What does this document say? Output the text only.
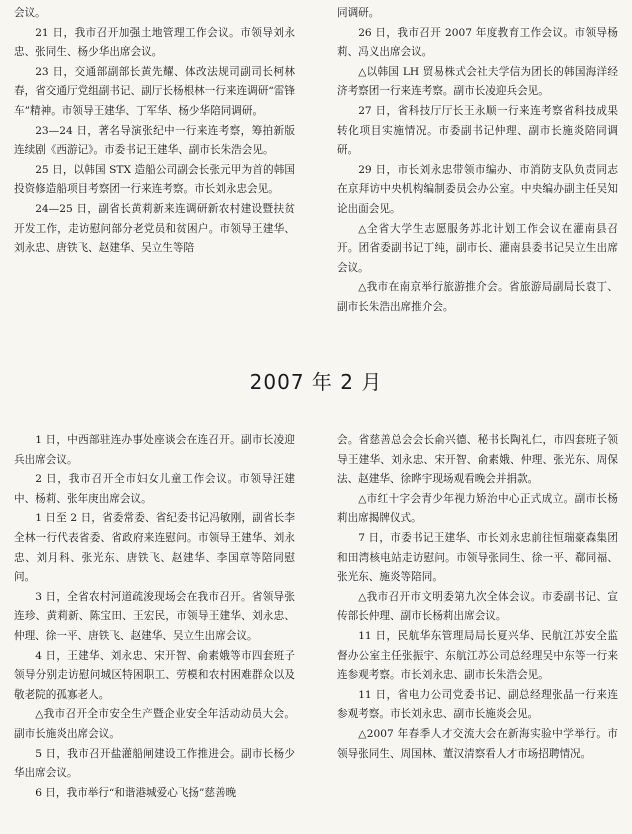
会议。

21 日，我市召开加强土地管理工作会议。市领导刘永忠、张同生、杨少华出席会议。

23 日，交通部副部长黄先耀、体改法规司副司长柯林春，省交通厅党组副书记、副厅长杨根林一行来连调研“雷锋车”精神。市领导王建华、丁军华、杨少华陪同调研。

23—24 日，著名导演张纪中一行来连考察，筹拍新版连续剧《西游记》。市委书记王建华、副市长朱浩会见。

25 日，以韩国 STX 造船公司副会长张元甲为首的韩国投资修造船项目考察团一行来连考察。市长刘永忠会见。

24—25 日，副省长黄莉新来连调研新农村建设暨扶贫开发工作，走访慰问部分老党员和贫困户。市领导王建华、刘永忠、唐铁飞、赵建华、吴立生等陪

同调研。

26 日，我市召开 2007 年度教育工作会议。市领导杨莉、冯义出席会议。

△以韩国 LH 贸易株式会社夫学信为团长的韩国海洋经济考察团一行来连考察。副市长凌迎兵会见。

27 日，省科技厅厅长王永顺一行来连考察省科技成果转化项目实施情况。市委副书记仲理、副市长施炎陪同调研。

29 日，市长刘永忠带领市编办、市消防支队负责同志在京拜访中央机构编制委员会办公室。中央编办副主任吴知论出面会见。

△全省大学生志愿服务苏北计划工作会议在灌南县召开。团省委副书记丁纯，副市长、灌南县委书记吴立生出席会议。

△我市在南京举行旅游推介会。省旅游局副局长袁丁、副市长朱浩出席推介会。

2007 年 2 月

1 日，中西部驻连办事处座谈会在连召开。副市长凌迎兵出席会议。

2 日，我市召开全市妇女儿童工作会议。市领导汪建中、杨莉、张年庚出席会议。

1 日至 2 日，省委常委、省纪委书记冯敏刚，副省长李全林一行代表省委、省政府来连慰问。市领导王建华、刘永忠、刘月科、张光东、唐铁飞、赵建华、李国章等陪同慰问。

3 日，全省农村河道疏浚现场会在我市召开。省领导张连珍、黄莉新、陈宝田、王宏民，市领导王建华、刘永忠、仲理、徐一平、唐铁飞、赵建华、吴立生出席会议。

4 日，王建华、刘永忠、宋开智、俞素娥等市四套班子领导分别走访慰问城区特困职工、劳模和农村困难群众以及敬老院的孤寡老人。

△我市召开全市安全生产暨企业安全年活动动员大会。副市长施炎出席会议。

5 日，我市召开盐灌船闸建设工作推进会。副市长杨少华出席会议。

6 日，我市举行“和谐港城爱心飞扬”慈善晚

会。省慈善总会会长俞兴德、秘书长陶礼仁，市四套班子领导王建华、刘永忠、宋开智、俞素娥、仲理、张光东、周保法、赵建华、徐晔宇现场观看晚会并捐款。

△市红十字会青少年视力矫治中心正式成立。副市长杨莉出席揭牌仪式。

7 日，市委书记王建华、市长刘永忠前往恒瑞豪森集团和田湾核电站走访慰问。市领导张同生、徐一平、郗同福、张光东、施炎等陪同。

△我市召开市文明委第九次全体会议。市委副书记、宣传部长仲理、副市长杨莉出席会议。

11 日，民航华东管理局局长夏兴华、民航江苏安全监督办公室主任张振宇、东航江苏公司总经理吴中东等一行来连参观考察。市长刘永忠、副市长朱浩会见。

11 日，省电力公司党委书记、副总经理张晶一行来连参观考察。市长刘永忠、副市长施炎会见。

△2007 年春季人才交流大会在新海实验中学举行。市领导张同生、周国林、董汉清察看人才市场招聘情况。
